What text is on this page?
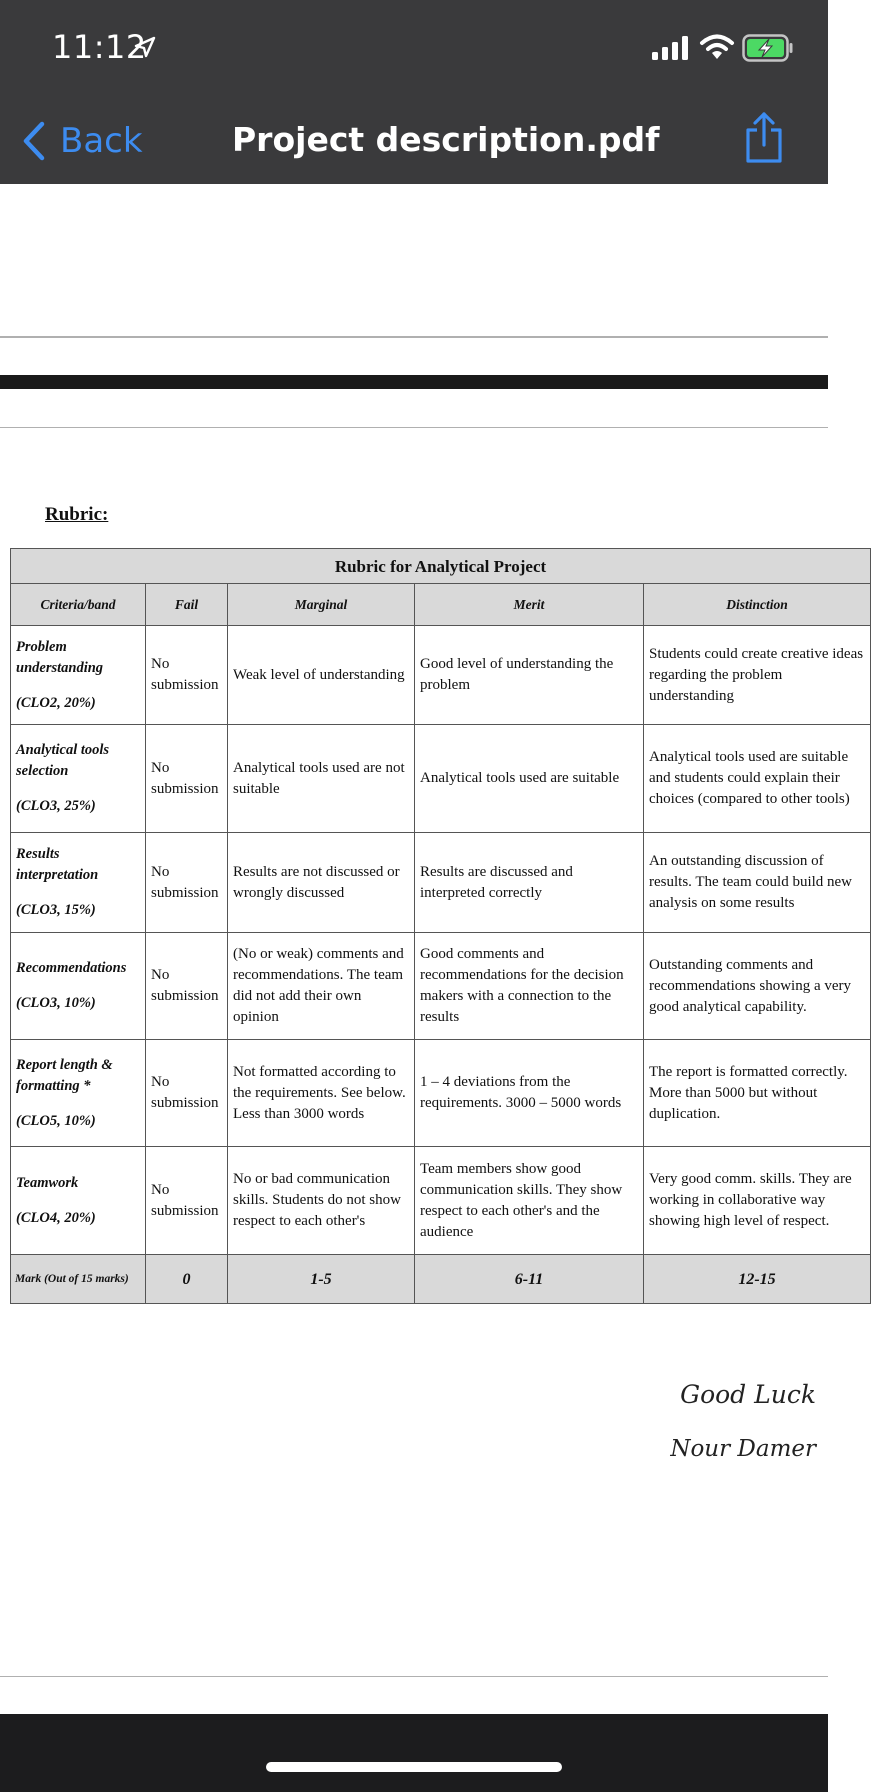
11:12
Back	Project description.pdf
Rubric:
Rubric for Analytical Project				
Criteria/band	Fail	Marginal	Merit	Distinction
Problem understanding
(CLO2, 20%)	No submission	Weak level of understanding	Good level of understanding the problem	Students could create creative ideas regarding the problem understanding
Analytical tools selection
(CLO3, 25%)	No submission	Analytical tools used are not suitable	Analytical tools used are suitable	Analytical tools used are suitable and students could explain their choices (compared to other tools)
Results interpretation
(CLO3, 15%)	No submission	Results are not discussed or wrongly discussed	Results are discussed and interpreted correctly	An outstanding discussion of results. The team could build new analysis on some results
Recommendations
(CLO3, 10%)	No submission	(No or weak) comments and recommendations. The team did not add their own opinion	Good comments and recommendations for the decision makers with a connection to the results	Outstanding comments and recommendations showing a very good analytical capability.
Report length & formatting *
(CLO5, 10%)	No submission	Not formatted according to the requirements. See below. Less than 3000 words	1 – 4 deviations from the requirements. 3000 – 5000 words	The report is formatted correctly. More than 5000 but without duplication.
Teamwork
(CLO4, 20%)	No submission	No or bad communication skills. Students do not show respect to each other's	Team members show good communication skills. They show respect to each other's and the audience	Very good comm. skills. They are working in collaborative way showing high level of respect.
Mark (Out of 15 marks)	0	1-5	6-11	12-15
Good Luck
Nour Damer
